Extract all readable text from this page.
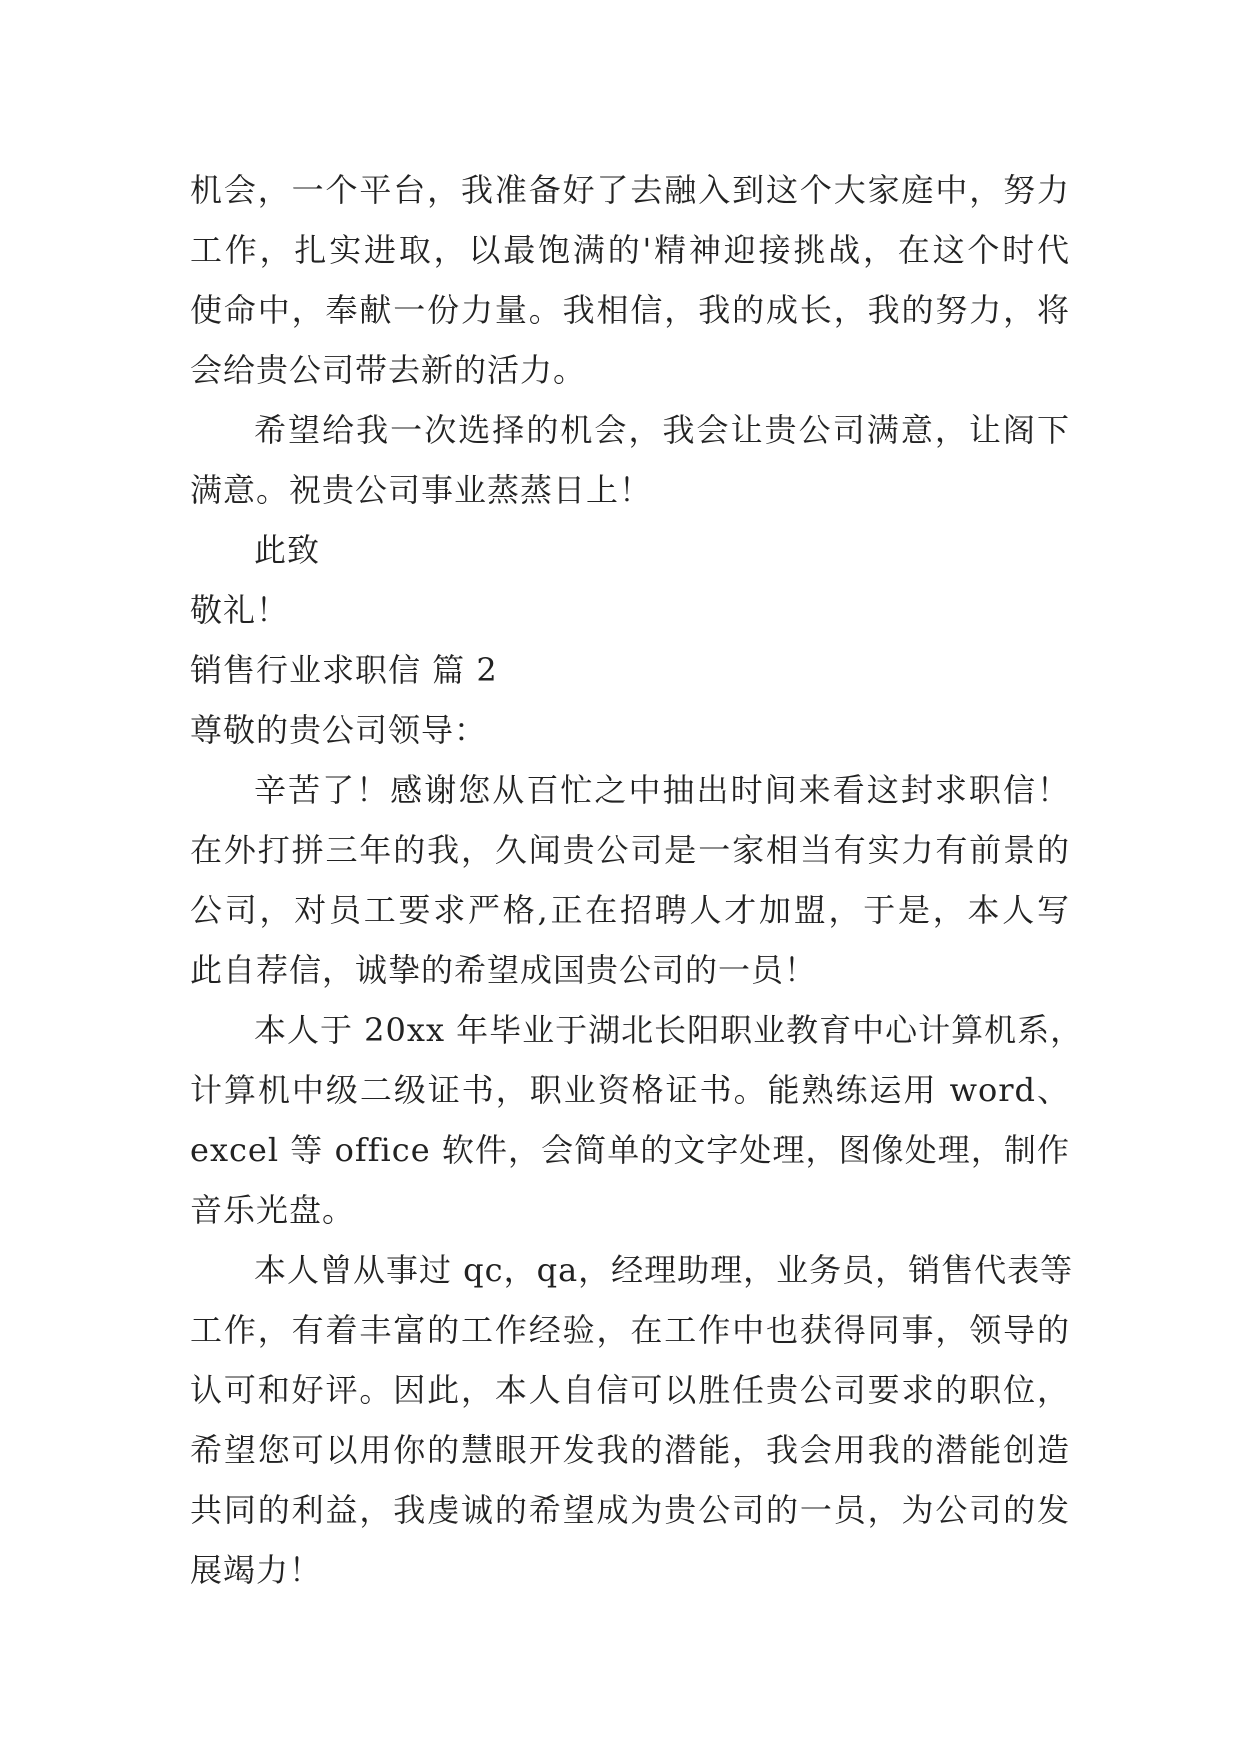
机会，一个平台，我准备好了去融入到这个大家庭中，努力
工作，扎实进取，以最饱满的'精神迎接挑战，在这个时代
使命中，奉献一份力量。我相信，我的成长，我的努力，将
会给贵公司带去新的活力。
希望给我一次选择的机会，我会让贵公司满意，让阁下
满意。祝贵公司事业蒸蒸日上！
此致
敬礼！
销售行业求职信 篇 2
尊敬的贵公司领导：
辛苦了！感谢您从百忙之中抽出时间来看这封求职信！
在外打拼三年的我，久闻贵公司是一家相当有实力有前景的
公司，对员工要求严格,正在招聘人才加盟，于是，本人写
此自荐信，诚挚的希望成国贵公司的一员！
本人于 20xx 年毕业于湖北长阳职业教育中心计算机系，
计算机中级二级证书，职业资格证书。能熟练运用 word、
excel 等 office 软件，会简单的文字处理，图像处理，制作
音乐光盘。
本人曾从事过 qc，qa，经理助理，业务员，销售代表等
工作，有着丰富的工作经验，在工作中也获得同事，领导的
认可和好评。因此，本人自信可以胜任贵公司要求的职位，
希望您可以用你的慧眼开发我的潜能，我会用我的潜能创造
共同的利益，我虔诚的希望成为贵公司的一员，为公司的发
展竭力！
